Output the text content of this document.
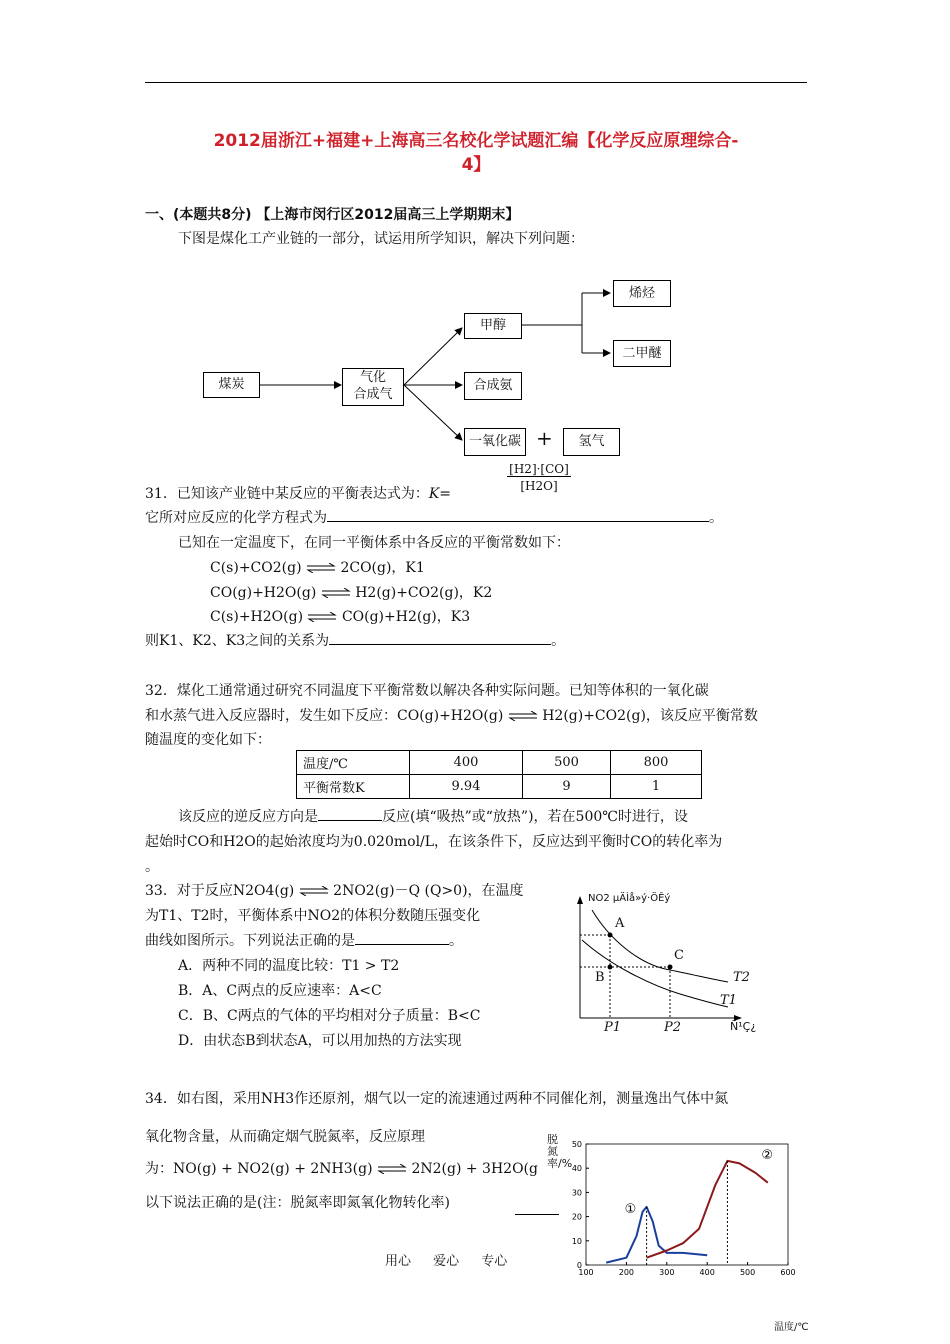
2012届浙江+福建+上海高三名校化学试题汇编【化学反应原理综合-
4】
一、(本题共8分) 【上海市闵行区2012届高三上学期期末】
下图是煤化工产业链的一部分，试运用所学知识，解决下列问题：
煤炭	气化
合成气
甲醇
烯烃
二甲醚
合成氨
一氧化碳 +	氢气
31．已知该产业链中某反应的平衡表达式为：K=
[H2]·[CO]
[H2O]
它所对应反应的化学方程式为	。
已知在一定温度下，在同一平衡体系中各反应的平衡常数如下：
C(s)+CO2(g) ⇌ 2CO(g)，K1
CO(g)+H2O(g) ⇌ H2(g)+CO2(g)，K2
C(s)+H2O(g) ⇌ CO(g)+H2(g)，K3
则K1、K2、K3之间的关系为	。
32．煤化工通常通过研究不同温度下平衡常数以解决各种实际问题。已知等体积的一氧化碳
和水蒸气进入反应器时，发生如下反应：CO(g)+H2O(g) ⇌ H2(g)+CO2(g)，该反应平衡常数
随温度的变化如下：
温度/℃	400	500	800
平衡常数K	9.94	9	1
该反应的逆反应方向是	反应(填“吸热”或“放热”)，若在500℃时进行，设
起始时CO和H2O的起始浓度均为0.020mol/L，在该条件下，反应达到平衡时CO的转化率为
。
33．对于反应N2O4(g) ⇌ 2NO2(g)－Q (Q>0)，在温度
为T1、T2时，平衡体系中NO2的体积分数随压强变化
曲线如图所示。下列说法正确的是	。
A．两种不同的温度比较：T1 > T2
B．A、C两点的反应速率：A<C
C．B、C两点的气体的平均相对分子质量：B<C
D．由状态B到状态A，可以用加热的方法实现
NO2 µÄÌå»ý·ÖÊý
A
B
C
T2
T1
P1	P2	Ñ¹Ç¿
34．如右图，采用NH3作还原剂，烟气以一定的流速通过两种不同催化剂，测量逸出气体中氮
氧化物含量，从而确定烟气脱氮率，反应原理
为：NO(g) + NO2(g) + 2NH3(g) ⇌ 2N2(g) + 3H2O(g
以下说法正确的是(注：脱氮率即氮氧化物转化率)
脱氮率/%
0
10
20
30
40
50
100	200	300	400	500	600
①
②
温度/℃
用心 爱心 专心
